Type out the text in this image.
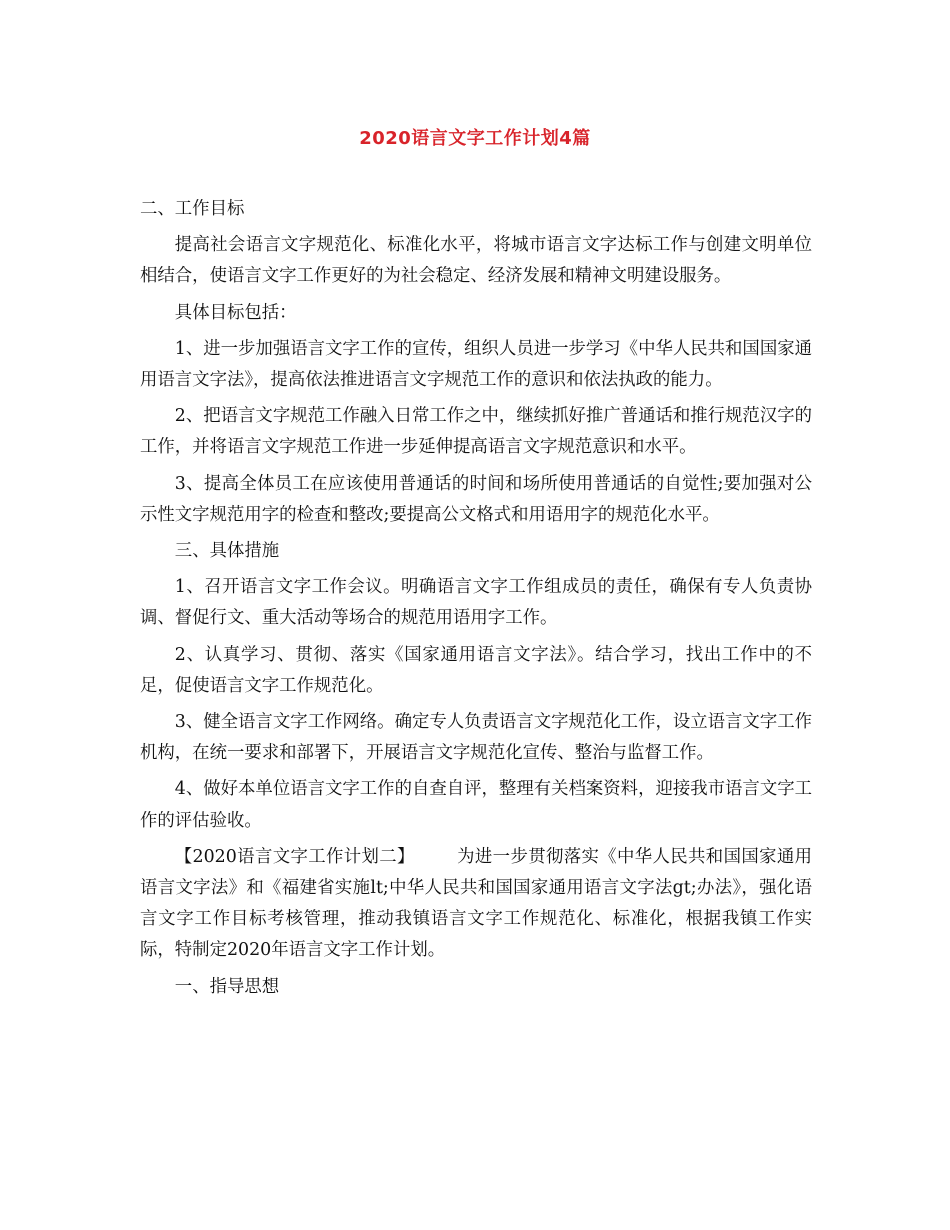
2020语言文字工作计划4篇

二、工作目标

提高社会语言文字规范化、标准化水平，将城市语言文字达标工作与创建文明单位相结合，使语言文字工作更好的为社会稳定、经济发展和精神文明建设服务。

具体目标包括：

1、进一步加强语言文字工作的宣传，组织人员进一步学习《中华人民共和国国家通用语言文字法》，提高依法推进语言文字规范工作的意识和依法执政的能力。

2、把语言文字规范工作融入日常工作之中，继续抓好推广普通话和推行规范汉字的工作，并将语言文字规范工作进一步延伸提高语言文字规范意识和水平。

3、提高全体员工在应该使用普通话的时间和场所使用普通话的自觉性;要加强对公示性文字规范用字的检查和整改;要提高公文格式和用语用字的规范化水平。

三、具体措施

1、召开语言文字工作会议。明确语言文字工作组成员的责任，确保有专人负责协调、督促行文、重大活动等场合的规范用语用字工作。

2、认真学习、贯彻、落实《国家通用语言文字法》。结合学习，找出工作中的不足，促使语言文字工作规范化。

3、健全语言文字工作网络。确定专人负责语言文字规范化工作，设立语言文字工作机构，在统一要求和部署下，开展语言文字规范化宣传、整治与监督工作。

4、做好本单位语言文字工作的自查自评，整理有关档案资料，迎接我市语言文字工作的评估验收。

【2020语言文字工作计划二】 为进一步贯彻落实《中华人民共和国国家通用语言文字法》和《福建省实施lt;中华人民共和国国家通用语言文字法gt;办法》，强化语言文字工作目标考核管理，推动我镇语言文字工作规范化、标准化，根据我镇工作实际，特制定2020年语言文字工作计划。

一、指导思想
